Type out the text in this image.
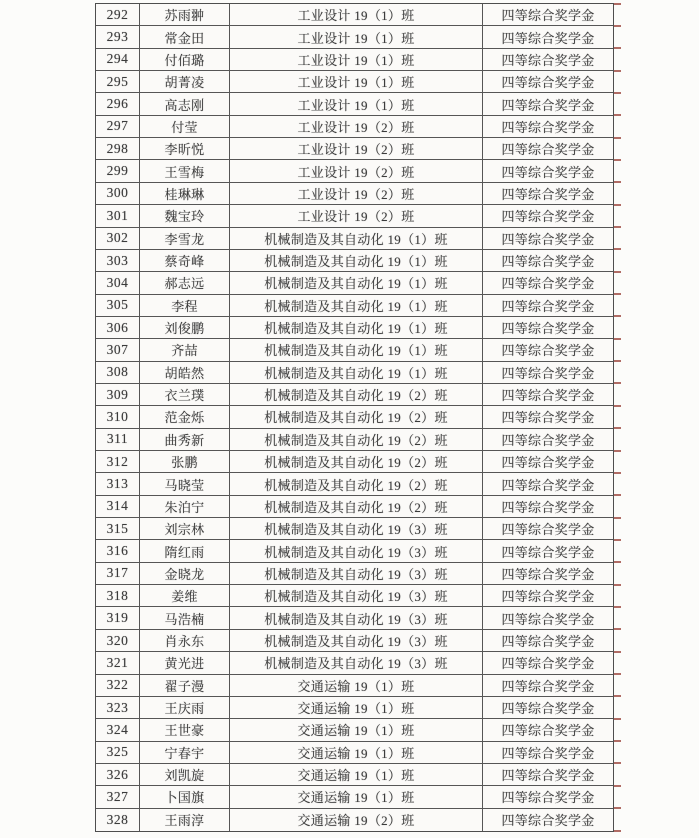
292	苏雨翀	工业设计 19（1）班	四等综合奖学金
293	常金田	工业设计 19（1）班	四等综合奖学金
294	付佰璐	工业设计 19（1）班	四等综合奖学金
295	胡菁凌	工业设计 19（1）班	四等综合奖学金
296	高志刚	工业设计 19（1）班	四等综合奖学金
297	付莹	工业设计 19（2）班	四等综合奖学金
298	李昕悦	工业设计 19（2）班	四等综合奖学金
299	王雪梅	工业设计 19（2）班	四等综合奖学金
300	桂琳琳	工业设计 19（2）班	四等综合奖学金
301	魏宝玲	工业设计 19（2）班	四等综合奖学金
302	李雪龙	机械制造及其自动化 19（1）班	四等综合奖学金
303	蔡奇峰	机械制造及其自动化 19（1）班	四等综合奖学金
304	郝志远	机械制造及其自动化 19（1）班	四等综合奖学金
305	李程	机械制造及其自动化 19（1）班	四等综合奖学金
306	刘俊鹏	机械制造及其自动化 19（1）班	四等综合奖学金
307	齐喆	机械制造及其自动化 19（1）班	四等综合奖学金
308	胡皓然	机械制造及其自动化 19（1）班	四等综合奖学金
309	衣兰璞	机械制造及其自动化 19（2）班	四等综合奖学金
310	范金烁	机械制造及其自动化 19（2）班	四等综合奖学金
311	曲秀新	机械制造及其自动化 19（2）班	四等综合奖学金
312	张鹏	机械制造及其自动化 19（2）班	四等综合奖学金
313	马晓莹	机械制造及其自动化 19（2）班	四等综合奖学金
314	朱泊宁	机械制造及其自动化 19（2）班	四等综合奖学金
315	刘宗林	机械制造及其自动化 19（3）班	四等综合奖学金
316	隋红雨	机械制造及其自动化 19（3）班	四等综合奖学金
317	金晓龙	机械制造及其自动化 19（3）班	四等综合奖学金
318	姜维	机械制造及其自动化 19（3）班	四等综合奖学金
319	马浩楠	机械制造及其自动化 19（3）班	四等综合奖学金
320	肖永东	机械制造及其自动化 19（3）班	四等综合奖学金
321	黄光进	机械制造及其自动化 19（3）班	四等综合奖学金
322	翟子漫	交通运输 19（1）班	四等综合奖学金
323	王庆雨	交通运输 19（1）班	四等综合奖学金
324	王世豪	交通运输 19（1）班	四等综合奖学金
325	宁春宇	交通运输 19（1）班	四等综合奖学金
326	刘凯旋	交通运输 19（1）班	四等综合奖学金
327	卜国旗	交通运输 19（1）班	四等综合奖学金
328	王雨淳	交通运输 19（2）班	四等综合奖学金
